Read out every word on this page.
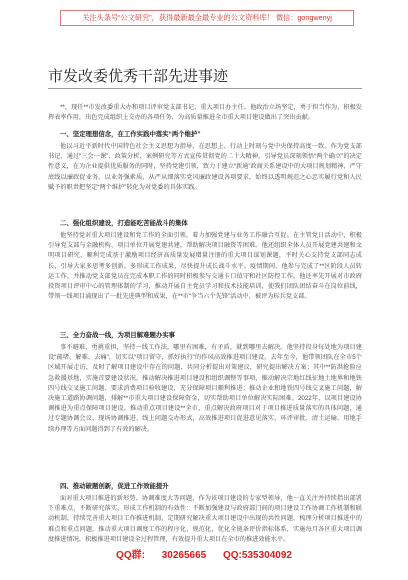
关注头条号“公文研究”，获得最新最全最专业的公文资料库！ 微信：gongwenyj
市发改委优秀干部先进事迹

**，现任**市发改委重大办和项目评审党支部书记、重大项目办主任。他政治立场坚定，勇于担当作为，积极发挥表率作用，出色完成组织上交办的各项任务，为高质量推进全市重大项目建设做出了突出贡献。

一、坚定理想信念，在工作实践中落实“两个维护”

他以习近平新时代中国特色社会主义思想为指导，在思想上、行动上时刻与党中央保持高度一致。作为党支部书记，通过“三会一课”、政策分析、案例研究等方式宣传贯彻党的二十大精神，引导党员深刻领悟“两个确立”的决定性意义，在为企业提供优质服务的同时，坚持党建引领，致力于建立“新通”政商关系建设中的大项目规划精神，严守底线以廉政促业务。以业务强素质，从严从细落实党风廉政建设各项要求，始终以透明规范之心忠实履行党和人民赋予的职责把坚定“两个维护”转化为对党委的具体实践。

二、强化组织建设，打造能吃苦能战斗的集体

他坚持党对重大项目建设和党工作的全面引领，着力加强党建与业务工作融合互促。在主管党日活动中，积极引导党支部与金融机构、项目单位开展党建共建，帮助解决项目融资等困难。他还组织全体人员开展党建共建和文明项目研究，顺利完成基于激励项目经济高质量发展增量注册的重大项目谋划课题，平时关心支持党支部同志成长，引导大家多思考多创新。多形成工作成果，尽快提升成长战斗水平。疫情期间，他参与完成了**区阶段人员转运工作，并推动党支部党员在完成本职工作的同时积极参与交通卡口值守和社区防控工作。他还率先开展对市政府投资项目评审中心的管理体制的学习，推动开展自主党员学习和技术技能培训，使我们团队团结奋斗在岗位前线，带领一线项目涌现出了一批先进典型和成果，在**市“争当六个先锋”活动中，被评为标兵党支部。

三、全力奋战一线，为项目解难题办实事

事不避难，勇挑重担，坚持一线工作法，哪里有困难，有矛盾，就到哪里去解决。他坚持投身每处地为项目建设“疏堵、解难、去痛”，切实以“项目留守，抓好执行”的作风高效推进项目建设。去年至今，他带领团队在全市5个区域开展走访，及时了解项目建设中存在的问题，共同分析提出对策建议，研究提出解决方案；其中**防洪抢险应急救援基地，实施首要建设状况，推动解决推进项目建设和组织调整等事项，推动解决宗地红线征地土地界和地铁四号线交叉施工问题、要求消费项目验收建设，充分保障项目顺利推进；推动企业和地铁四号线交叉施工问题，解决施工道路协调问题，排解**市重大项目建设保障资金，切实帮助项目单位解决实际困难。2022年，以项目建设协调推进为重点保障项目建设，推动重点项目建设**全市，重点解决政府项目对于项目推进质量落实的具体问题，通过专题协调会议、现场协调推进、线上问题交办形式，高效推进项目促进意见落实，环评审批、清土运输、用地手续办理等方面问题得到了有效的解决。

四、推动破题创新，促进工作效能提升

面对重大项目推进的新形势、协调难度大等问题，作为该项目建设的专家型领导，他一直关注并持续指出部署下重难点、不断研究落实，形成工作机制的有效性：不断加强建设与政府部门间的项目建设工作协调工作机制和联动机制，持续完善重大项目工作推进机制，定期研究解决重大项目建设中出现的共性问题、梳理分析项目推进中的难点和重点问题，推动重大项目调度工作的程序化、规范化，优化全链条评价指标体系，实施每月各区重大项目调度推进情况，积极推进项目建设全过程管理，有效提升重大项目在全市的推进效能水平。

QQ群: 30265665 QQ:535304092
